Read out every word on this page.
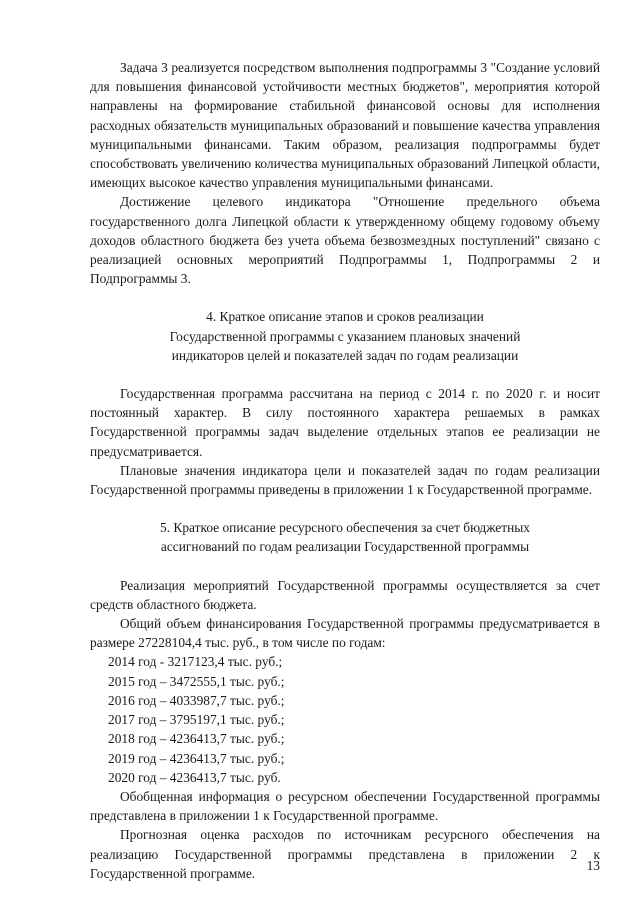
Задача 3 реализуется посредством выполнения подпрограммы 3 "Создание условий для повышения финансовой устойчивости местных бюджетов", мероприятия которой направлены на формирование стабильной финансовой основы для исполнения расходных обязательств муниципальных образований и повышение качества управления муниципальными финансами. Таким образом, реализация подпрограммы будет способствовать увеличению количества муниципальных образований Липецкой области, имеющих высокое качество управления муниципальными финансами.

Достижение целевого индикатора "Отношение предельного объема государственного долга Липецкой области к утвержденному общему годовому объему доходов областного бюджета без учета объема безвозмездных поступлений" связано с реализацией основных мероприятий Подпрограммы 1, Подпрограммы 2 и Подпрограммы 3.

4. Краткое описание этапов и сроков реализации
Государственной программы с указанием плановых значений
индикаторов целей и показателей задач по годам реализации

Государственная программа рассчитана на период с 2014 г. по 2020 г. и носит постоянный характер. В силу постоянного характера решаемых в рамках Государственной программы задач выделение отдельных этапов ее реализации не предусматривается.

Плановые значения индикатора цели и показателей задач по годам реализации Государственной программы приведены в приложении 1 к Государственной программе.

5. Краткое описание ресурсного обеспечения за счет бюджетных
ассигнований по годам реализации Государственной программы

Реализация мероприятий Государственной программы осуществляется за счет средств областного бюджета.

Общий объем финансирования Государственной программы предусматривается в размере 27228104,4 тыс. руб., в том числе по годам:

2014 год - 3217123,4 тыс. руб.;
2015 год – 3472555,1 тыс. руб.;
2016 год – 4033987,7 тыс. руб.;
2017 год – 3795197,1 тыс. руб.;
2018 год – 4236413,7 тыс. руб.;
2019 год – 4236413,7 тыс. руб.;
2020 год – 4236413,7 тыс. руб.

Обобщенная информация о ресурсном обеспечении Государственной программы представлена в приложении 1 к Государственной программе.

Прогнозная оценка расходов по источникам ресурсного обеспечения на реализацию Государственной программы представлена в приложении 2 к Государственной программе.

13
